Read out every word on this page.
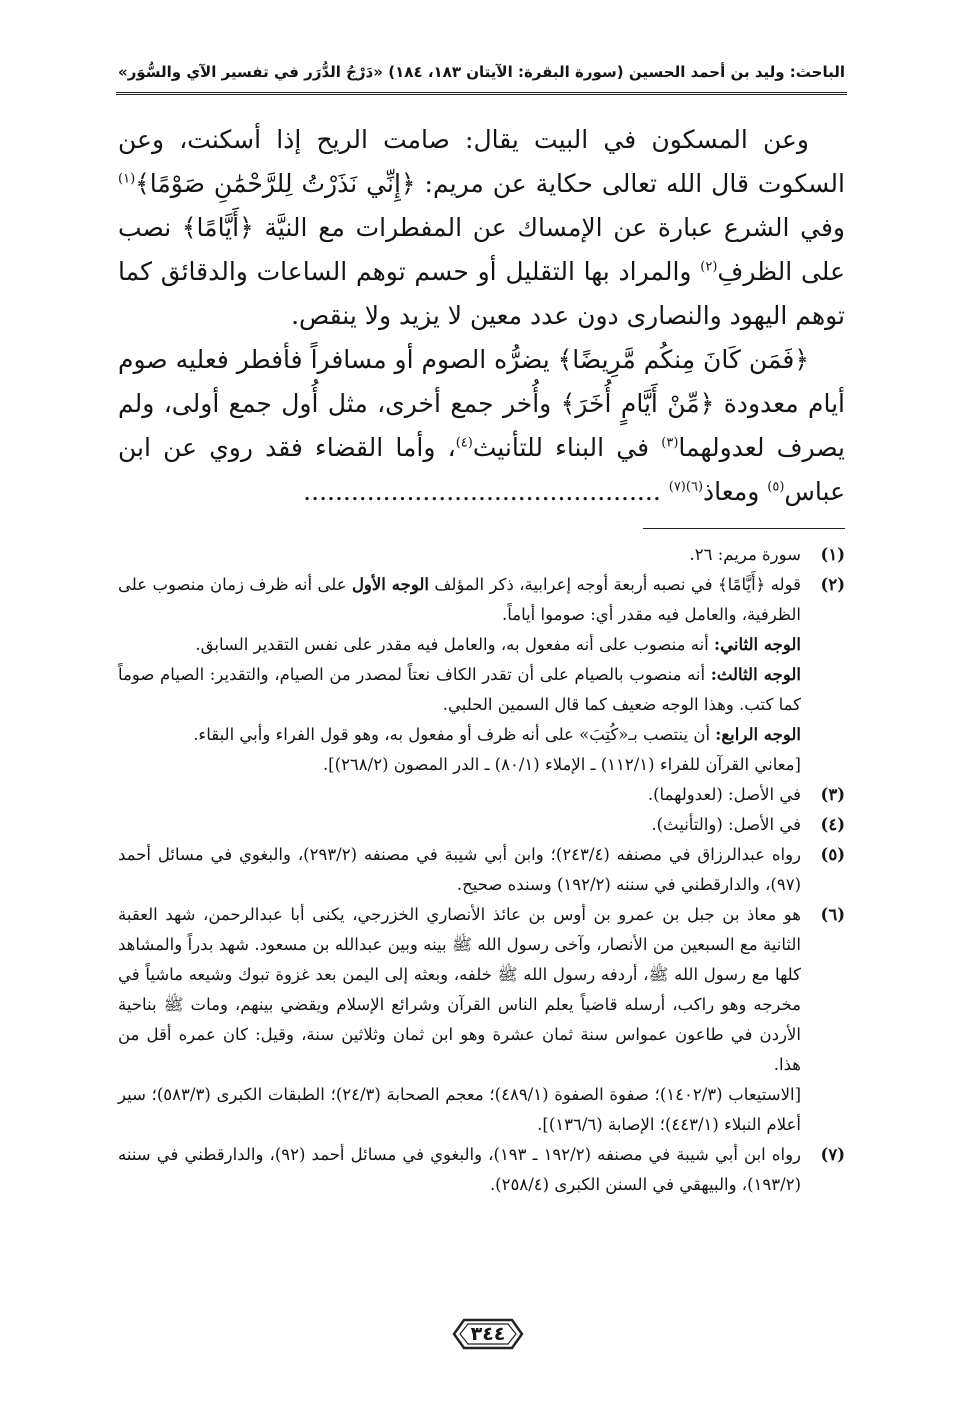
الباحث: وليد بن أحمد الحسين
(سورة البقرة: الآيتان ١٨٣، ١٨٤)
«دَرْجُ الدُّرَر في تفسير الآي والسُّوَر»

وعن المسكون في البيت يقال: صامت الريح إذا أسكنت، وعن السكوت قال الله تعالى حكاية عن مريم: ﴿إِنِّي نَذَرْتُ لِلرَّحْمَٰنِ صَوْمًا﴾$^{(١)}$ وفي الشرع عبارة عن الإمساك عن المفطرات مع النيَّة ﴿أَيَّامًا﴾ نصب على الظرفِ$^{(٢)}$ والمراد بها التقليل أو حسم توهم الساعات والدقائق كما توهم اليهود والنصارى دون عدد معين لا يزيد ولا ينقص.

﴿فَمَن كَانَ مِنكُم مَّرِيضًا﴾ يضرُّه الصوم أو مسافراً فأفطر فعليه صوم أيام معدودة ﴿مِّنْ أَيَّامٍ أُخَرَ﴾ وأُخر جمع أخرى، مثل أُول جمع أولى، ولم يصرف لعدولهما$^{(٣)}$ في البناء للتأنيث$^{(٤)}$، وأما القضاء فقد روي عن ابن عباس$^{(٥)}$ ومعاذ$^{(٦)(٧)}$ .............................................

(١)
سورة مريم: ٢٦.
(٢)
قوله ﴿أَيَّامًا﴾ في نصبه أربعة أوجه إعرابية، ذكر المؤلف الوجه الأول على أنه ظرف زمان منصوب على الظرفية، والعامل فيه مقدر أي: صوموا أياماً.
الوجه الثاني: أنه منصوب على أنه مفعول به، والعامل فيه مقدر على نفس التقدير السابق.
الوجه الثالث: أنه منصوب بالصيام على أن تقدر الكاف نعتاً لمصدر من الصيام، والتقدير: الصيام صوماً كما كتب. وهذا الوجه ضعيف كما قال السمين الحلبي.
الوجه الرابع: أن ينتصب بـ«كُتِبَ» على أنه ظرف أو مفعول به، وهو قول الفراء وأبي البقاء.
[معاني القرآن للفراء (١١٢/١) ـ الإملاء (٨٠/١) ـ الدر المصون (٢٦٨/٢)].
(٣)
في الأصل: (لعدولهما).
(٤)
في الأصل: (والتأنيث).
(٥)
رواه عبدالرزاق في مصنفه (٢٤٣/٤)؛ وابن أبي شيبة في مصنفه (٢٩٣/٢)، والبغوي في مسائل أحمد (٩٧)، والدارقطني في سننه (١٩٢/٢) وسنده صحيح.
(٦)
هو معاذ بن جبل بن عمرو بن أوس بن عائذ الأنصاري الخزرجي، يكنى أبا عبدالرحمن، شهد العقبة الثانية مع السبعين من الأنصار، وآخى رسول الله ﷺ بينه وبين عبدالله بن مسعود. شهد بدراً والمشاهد كلها مع رسول الله ﷺ، أردفه رسول الله ﷺ خلفه، وبعثه إلى اليمن بعد غزوة تبوك وشيعه ماشياً في مخرجه وهو راكب، أرسله قاضياً يعلم الناس القرآن وشرائع الإسلام ويقضي بينهم، ومات ﷺ بناحية الأردن في طاعون عمواس سنة ثمان عشرة وهو ابن ثمان وثلاثين سنة، وقيل: كان عمره أقل من هذا.
[الاستيعاب (١٤٠٢/٣)؛ صفوة الصفوة (٤٨٩/١)؛ معجم الصحابة (٢٤/٣)؛ الطبقات الكبرى (٥٨٣/٣)؛ سير أعلام النبلاء (٤٤٣/١)؛ الإصابة (١٣٦/٦)].
(٧)
رواه ابن أبي شيبة في مصنفه (١٩٢/٢ ـ ١٩٣)، والبغوي في مسائل أحمد (٩٢)، والدارقطني في سننه (١٩٣/٢)، والبيهقي في السنن الكبرى (٢٥٨/٤).
٣٤٤
